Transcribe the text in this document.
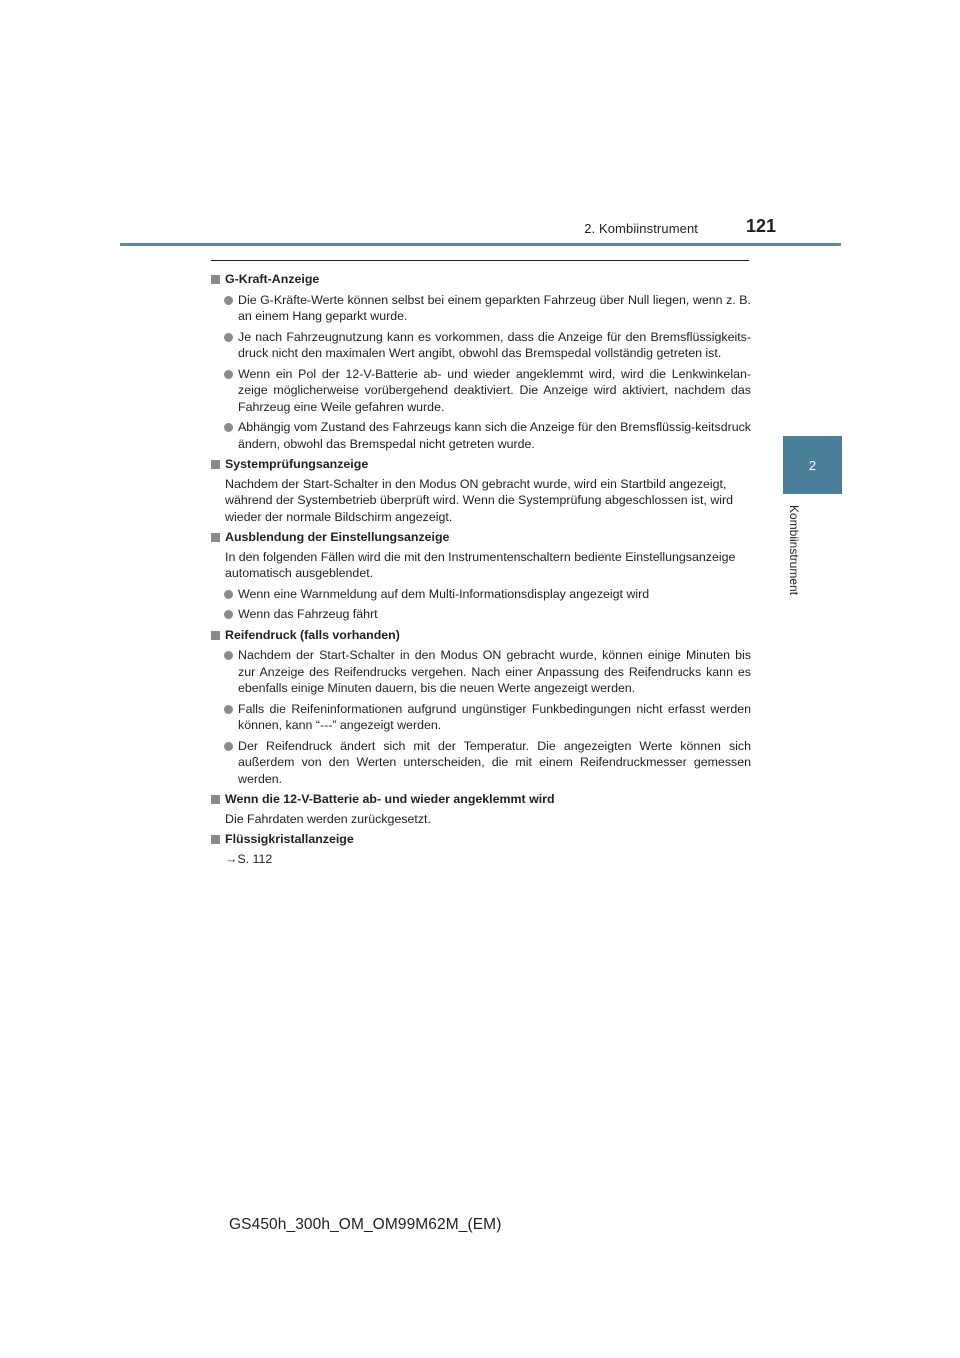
2. Kombiinstrument	121
2
Kombiinstrument
G-Kraft-Anzeige
Die G-Kräfte-Werte können selbst bei einem geparkten Fahrzeug über Null liegen, wenn z. B. an einem Hang geparkt wurde.
Je nach Fahrzeugnutzung kann es vorkommen, dass die Anzeige für den Bremsflüssigkeits-druck nicht den maximalen Wert angibt, obwohl das Bremspedal vollständig getreten ist.
Wenn ein Pol der 12-V-Batterie ab- und wieder angeklemmt wird, wird die Lenkwinkelan-zeige möglicherweise vorübergehend deaktiviert. Die Anzeige wird aktiviert, nachdem das Fahrzeug eine Weile gefahren wurde.
Abhängig vom Zustand des Fahrzeugs kann sich die Anzeige für den Bremsflüssig-keitsdruck ändern, obwohl das Bremspedal nicht getreten wurde.
Systemprüfungsanzeige
Nachdem der Start-Schalter in den Modus ON gebracht wurde, wird ein Startbild angezeigt, während der Systembetrieb überprüft wird. Wenn die Systemprüfung abgeschlossen ist, wird wieder der normale Bildschirm angezeigt.
Ausblendung der Einstellungsanzeige
In den folgenden Fällen wird die mit den Instrumentenschaltern bediente Einstellungsanzeige automatisch ausgeblendet.
Wenn eine Warnmeldung auf dem Multi-Informationsdisplay angezeigt wird
Wenn das Fahrzeug fährt
Reifendruck (falls vorhanden)
Nachdem der Start-Schalter in den Modus ON gebracht wurde, können einige Minuten bis zur Anzeige des Reifendrucks vergehen. Nach einer Anpassung des Reifendrucks kann es ebenfalls einige Minuten dauern, bis die neuen Werte angezeigt werden.
Falls die Reifeninformationen aufgrund ungünstiger Funkbedingungen nicht erfasst werden können, kann “---” angezeigt werden.
Der Reifendruck ändert sich mit der Temperatur. Die angezeigten Werte können sich außerdem von den Werten unterscheiden, die mit einem Reifendruckmesser gemessen werden.
Wenn die 12-V-Batterie ab- und wieder angeklemmt wird
Die Fahrdaten werden zurückgesetzt.
Flüssigkristallanzeige
→S. 112
GS450h_300h_OM_OM99M62M_(EM)
